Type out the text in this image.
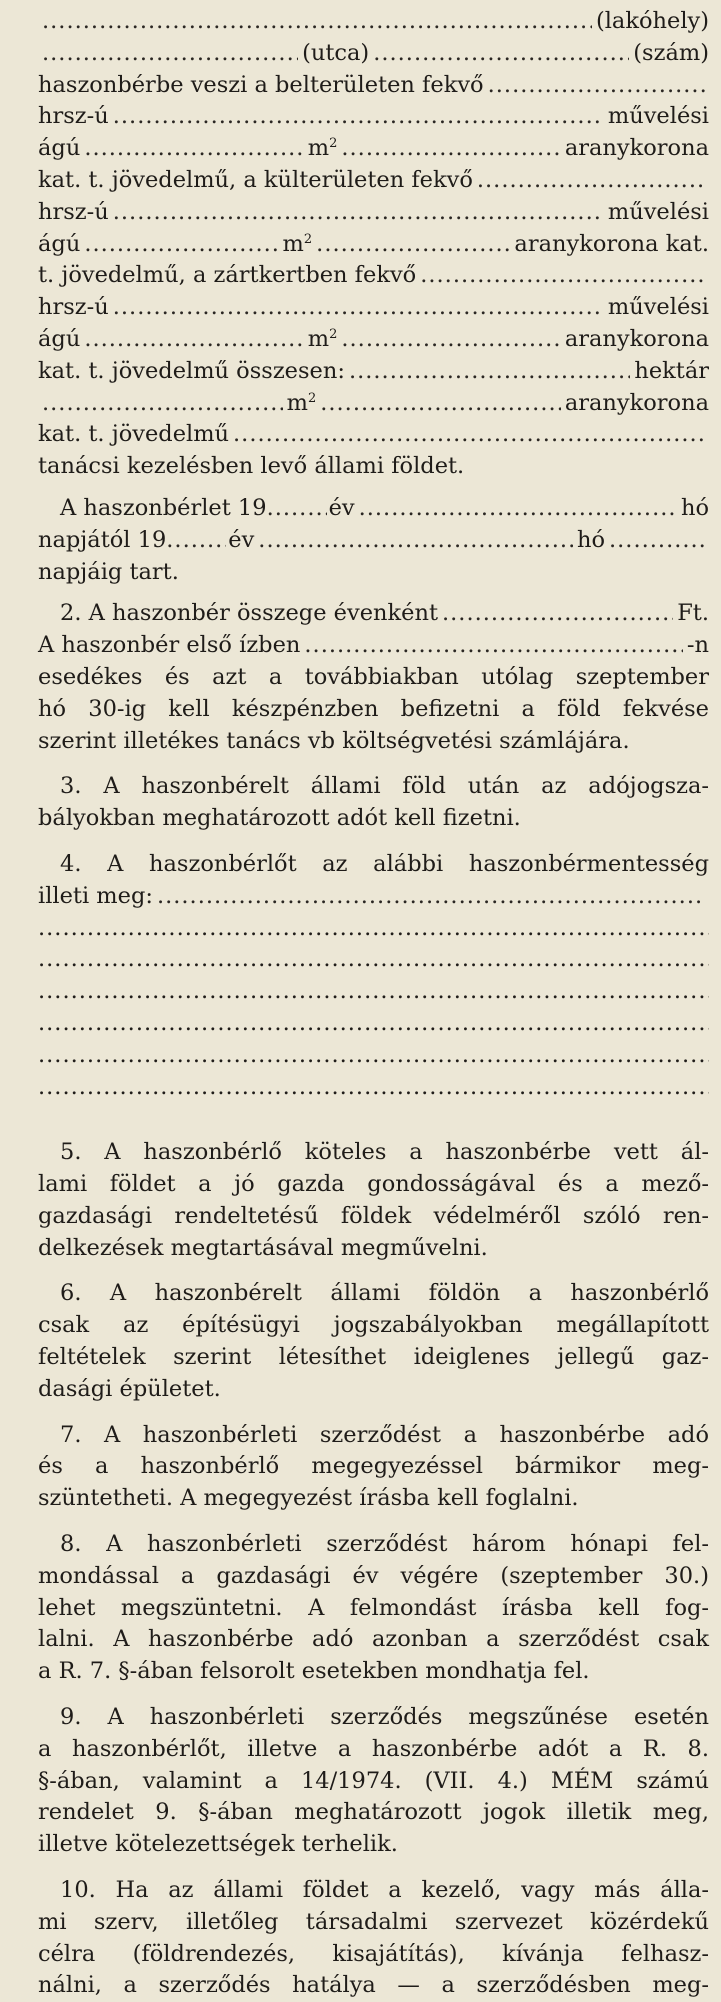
.....
(lakóhely)
.....
(utca) .....	(szám)
haszonbérbe veszi a belterületen fekvő
.....
hrsz-ú .....	művelési
ágú .....	$m^2$ .....	aranykorona
kat. t. jövedelmű, a külterületen fekvő
.....
hrsz-ú .....	művelési
ágú .....	$m^2$ .....	aranykorona kat.
t. jövedelmű, a zártkertben fekvő
.....
hrsz-ú .....	művelési
ágú .....	$m^2$ .....	aranykorona
kat. t. jövedelmű összesen: .....	hektár
.....
$m^2$ .....	aranykorona
kat. t. jövedelmű
.....
tanácsi kezelésben levő állami földet.
A haszonbérlet 19 .....	év .....	hó
napjától 19 .....	év .....	hó
.....
napjáig tart.
2. A haszonbér összege évenként .....	Ft.
A haszonbér első ízben .....	-n
esedékes és azt a továbbiakban utólag szeptember
hó 30-ig kell készpénzben befizetni a föld fekvése
szerint illetékes tanács vb költségvetési számlájára.
3. A haszonbérelt állami föld után az adójogsza-
bályokban meghatározott adót kell fizetni.
4. A haszonbérlőt az alábbi haszonbérmentesség
illeti meg:
.....
.....
.....
.....
.....
.....
.....
5. A haszonbérlő köteles a haszonbérbe vett ál-
lami földet a jó gazda gondosságával és a mező-
gazdasági rendeltetésű földek védelméről szóló ren-
delkezések megtartásával megművelni.
6. A haszonbérelt állami földön a haszonbérlő
csak az építésügyi jogszabályokban megállapított
feltételek szerint létesíthet ideiglenes jellegű gaz-
dasági épületet.
7. A haszonbérleti szerződést a haszonbérbe adó
és a haszonbérlő megegyezéssel bármikor meg-
szüntetheti. A megegyezést írásba kell foglalni.
8. A haszonbérleti szerződést három hónapi fel-
mondással a gazdasági év végére (szeptember 30.)
lehet megszüntetni. A felmondást írásba kell fog-
lalni. A haszonbérbe adó azonban a szerződést csak
a R. 7. §-ában felsorolt esetekben mondhatja fel.
9. A haszonbérleti szerződés megszűnése esetén
a haszonbérlőt, illetve a haszonbérbe adót a R. 8.
§-ában, valamint a 14/1974. (VII. 4.) MÉM számú
rendelet 9. §-ában meghatározott jogok illetik meg,
illetve kötelezettségek terhelik.
10. Ha az állami földet a kezelő, vagy más álla-
mi szerv, illetőleg társadalmi szervezet közérdekű
célra (földrendezés, kisajátítás), kívánja felhasz-
nálni, a szerződés hatálya — a szerződésben meg-
